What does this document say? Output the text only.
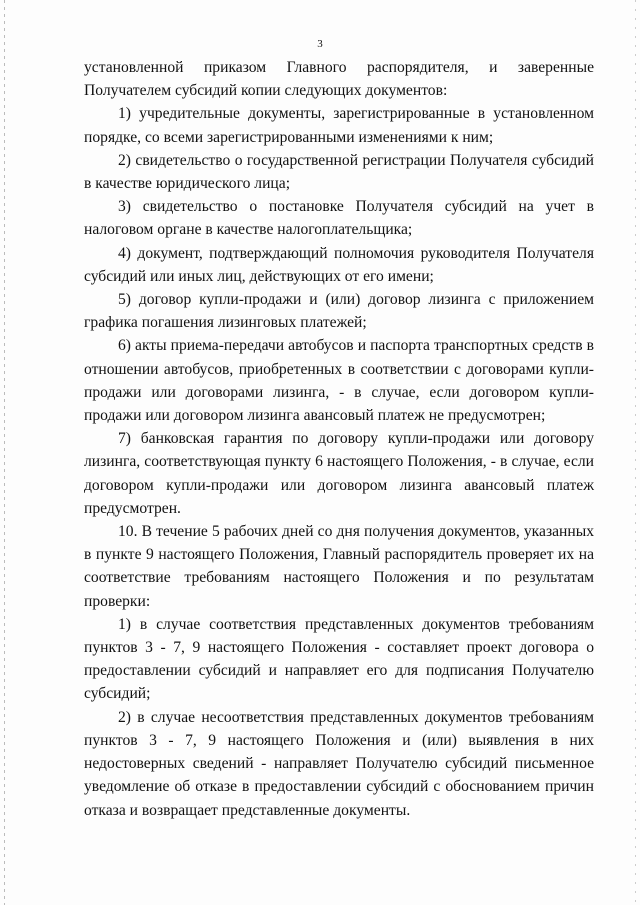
3

установленной приказом Главного распорядителя, и заверенные Получателем субсидий копии следующих документов:

1) учредительные документы, зарегистрированные в установленном порядке, со всеми зарегистрированными изменениями к ним;

2) свидетельство о государственной регистрации Получателя субсидий в качестве юридического лица;

3) свидетельство о постановке Получателя субсидий на учет в налоговом органе в качестве налогоплательщика;

4) документ, подтверждающий полномочия руководителя Получателя субсидий или иных лиц, действующих от его имени;

5) договор купли-продажи и (или) договор лизинга с приложением графика погашения лизинговых платежей;

6) акты приема-передачи автобусов и паспорта транспортных средств в отношении автобусов, приобретенных в соответствии с договорами купли-продажи или договорами лизинга, - в случае, если договором купли-продажи или договором лизинга авансовый платеж не предусмотрен;

7) банковская гарантия по договору купли-продажи или договору лизинга, соответствующая пункту 6 настоящего Положения, - в случае, если договором купли-продажи или договором лизинга авансовый платеж предусмотрен.

10. В течение 5 рабочих дней со дня получения документов, указанных в пункте 9 настоящего Положения, Главный распорядитель проверяет их на соответствие требованиям настоящего Положения и по результатам проверки:

1) в случае соответствия представленных документов требованиям пунктов 3 - 7, 9 настоящего Положения - составляет проект договора о предоставлении субсидий и направляет его для подписания Получателю субсидий;

2) в случае несоответствия представленных документов требованиям пунктов 3 - 7, 9 настоящего Положения и (или) выявления в них недостоверных сведений - направляет Получателю субсидий письменное уведомление об отказе в предоставлении субсидий с обоснованием причин отказа и возвращает представленные документы.
